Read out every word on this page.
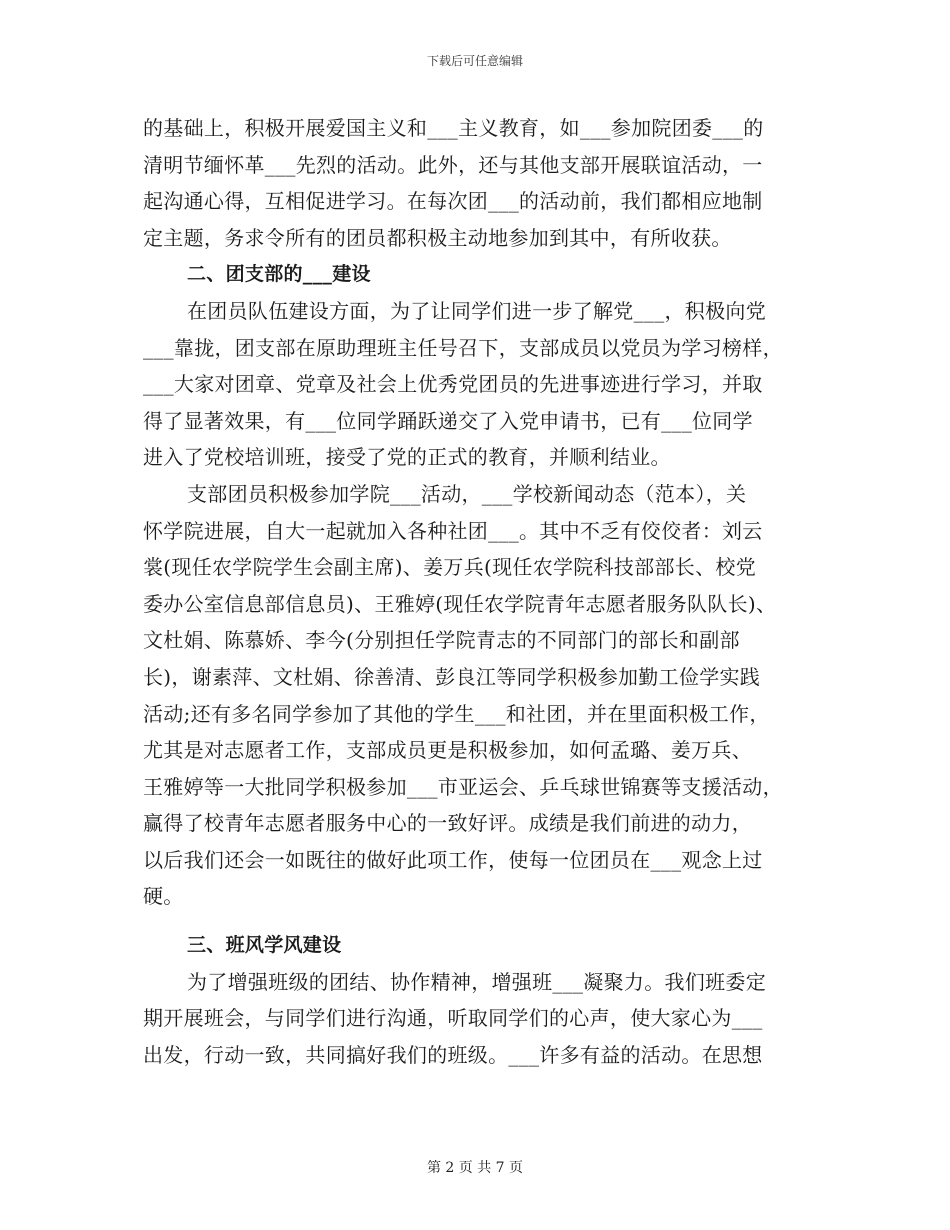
下载后可任意编辑
的基础上，积极开展爱国主义和___主义教育，如___参加院团委___的
清明节缅怀革___先烈的活动。此外，还与其他支部开展联谊活动，一
起沟通心得，互相促进学习。在每次团___的活动前，我们都相应地制
定主题，务求令所有的团员都积极主动地参加到其中，有所收获。
二、团支部的___建设
在团员队伍建设方面，为了让同学们进一步了解党___，积极向党
___靠拢，团支部在原助理班主任号召下，支部成员以党员为学习榜样，
___大家对团章、党章及社会上优秀党团员的先进事迹进行学习，并取
得了显著效果，有___位同学踊跃递交了入党申请书，已有___位同学
进入了党校培训班，接受了党的正式的教育，并顺利结业。
支部团员积极参加学院___活动，___学校新闻动态（范本），关
怀学院进展，自大一起就加入各种社团___。其中不乏有佼佼者：刘云
裳(现任农学院学生会副主席)、姜万兵(现任农学院科技部部长、校党
委办公室信息部信息员)、王雅婷(现任农学院青年志愿者服务队队长)、
文杜娟、陈慕娇、李今(分别担任学院青志的不同部门的部长和副部
长)，谢素萍、文杜娟、徐善清、彭良江等同学积极参加勤工俭学实践
活动;还有多名同学参加了其他的学生___和社团，并在里面积极工作，
尤其是对志愿者工作，支部成员更是积极参加，如何孟璐、姜万兵、
王雅婷等一大批同学积极参加___市亚运会、乒乓球世锦赛等支援活动，
赢得了校青年志愿者服务中心的一致好评。成绩是我们前进的动力，
以后我们还会一如既往的做好此项工作，使每一位团员在___观念上过
硬。
三、班风学风建设
为了增强班级的团结、协作精神，增强班___凝聚力。我们班委定
期开展班会，与同学们进行沟通，听取同学们的心声，使大家心为___
出发，行动一致，共同搞好我们的班级。___许多有益的活动。在思想
第 2 页 共 7 页
